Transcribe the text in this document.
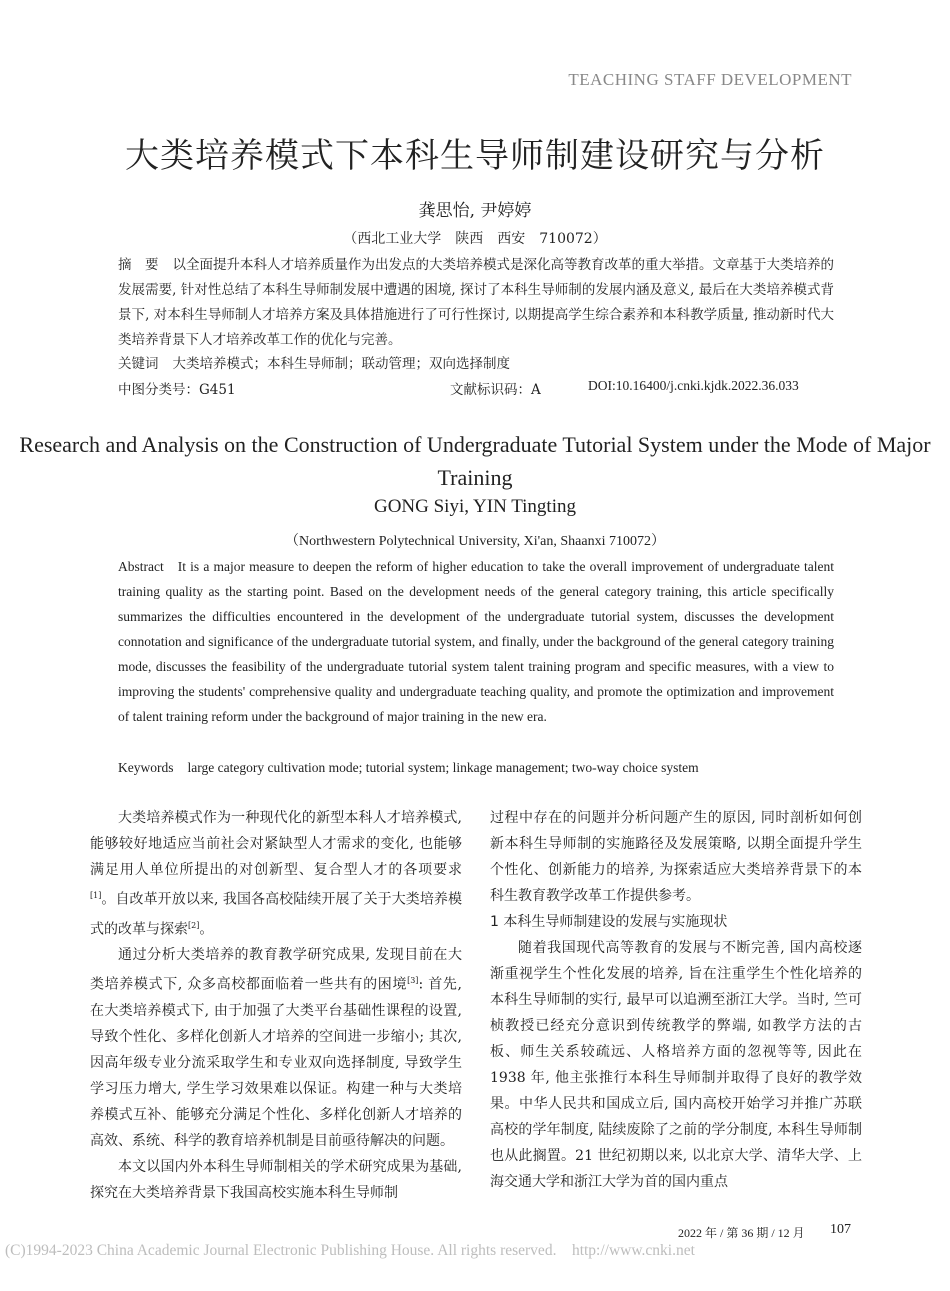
TEACHING STAFF DEVELOPMENT
大类培养模式下本科生导师制建设研究与分析
龚思怡, 尹婷婷
（西北工业大学　陕西　西安　710072）
摘　要 以全面提升本科人才培养质量作为出发点的大类培养模式是深化高等教育改革的重大举措。文章基于大类培养的发展需要, 针对性总结了本科生导师制发展中遭遇的困境, 探讨了本科生导师制的发展内涵及意义, 最后在大类培养模式背景下, 对本科生导师制人才培养方案及具体措施进行了可行性探讨, 以期提高学生综合素养和本科教学质量, 推动新时代大类培养背景下人才培养改革工作的优化与完善。
关键词 大类培养模式；本科生导师制；联动管理；双向选择制度
中图分类号：G451	文献标识码：A	DOI:10.16400/j.cnki.kjdk.2022.36.033
Research and Analysis on the Construction of Undergraduate Tutorial System under the Mode of Major Training
GONG Siyi, YIN Tingting
（Northwestern Polytechnical University, Xi'an, Shaanxi 710072）
Abstract It is a major measure to deepen the reform of higher education to take the overall improvement of undergraduate talent training quality as the starting point. Based on the development needs of the general category training, this article specifically summarizes the difficulties encountered in the development of the undergraduate tutorial system, discusses the development connotation and significance of the undergraduate tutorial system, and finally, under the background of the general category training mode, discusses the feasibility of the undergraduate tutorial system talent training program and specific measures, with a view to improving the students' comprehensive quality and undergraduate teaching quality, and promote the optimization and improvement of talent training reform under the background of major training in the new era.
Keywords large category cultivation mode; tutorial system; linkage management; two-way choice system

大类培养模式作为一种现代化的新型本科人才培养模式, 能够较好地适应当前社会对紧缺型人才需求的变化, 也能够满足用人单位所提出的对创新型、复合型人才的各项要求[1]。自改革开放以来, 我国各高校陆续开展了关于大类培养模式的改革与探索[2]。

通过分析大类培养的教育教学研究成果, 发现目前在大类培养模式下, 众多高校都面临着一些共有的困境[3]: 首先, 在大类培养模式下, 由于加强了大类平台基础性课程的设置, 导致个性化、多样化创新人才培养的空间进一步缩小; 其次, 因高年级专业分流采取学生和专业双向选择制度, 导致学生学习压力增大, 学生学习效果难以保证。构建一种与大类培养模式互补、能够充分满足个性化、多样化创新人才培养的高效、系统、科学的教育培养机制是目前亟待解决的问题。

本文以国内外本科生导师制相关的学术研究成果为基础, 探究在大类培养背景下我国高校实施本科生导师制

过程中存在的问题并分析问题产生的原因, 同时剖析如何创新本科生导师制的实施路径及发展策略, 以期全面提升学生个性化、创新能力的培养, 为探索适应大类培养背景下的本科生教育教学改革工作提供参考。

1 本科生导师制建设的发展与实施现状

随着我国现代高等教育的发展与不断完善, 国内高校逐渐重视学生个性化发展的培养, 旨在注重学生个性化培养的本科生导师制的实行, 最早可以追溯至浙江大学。当时, 竺可桢教授已经充分意识到传统教学的弊端, 如教学方法的古板、师生关系较疏远、人格培养方面的忽视等等, 因此在 1938 年, 他主张推行本科生导师制并取得了良好的教学效果。中华人民共和国成立后, 国内高校开始学习并推广苏联高校的学年制度, 陆续废除了之前的学分制度, 本科生导师制也从此搁置。21 世纪初期以来, 以北京大学、清华大学、上海交通大学和浙江大学为首的国内重点

2022 年 / 第 36 期 / 12 月 107
(C)1994-2023 China Academic Journal Electronic Publishing House. All rights reserved.    http://www.cnki.net
